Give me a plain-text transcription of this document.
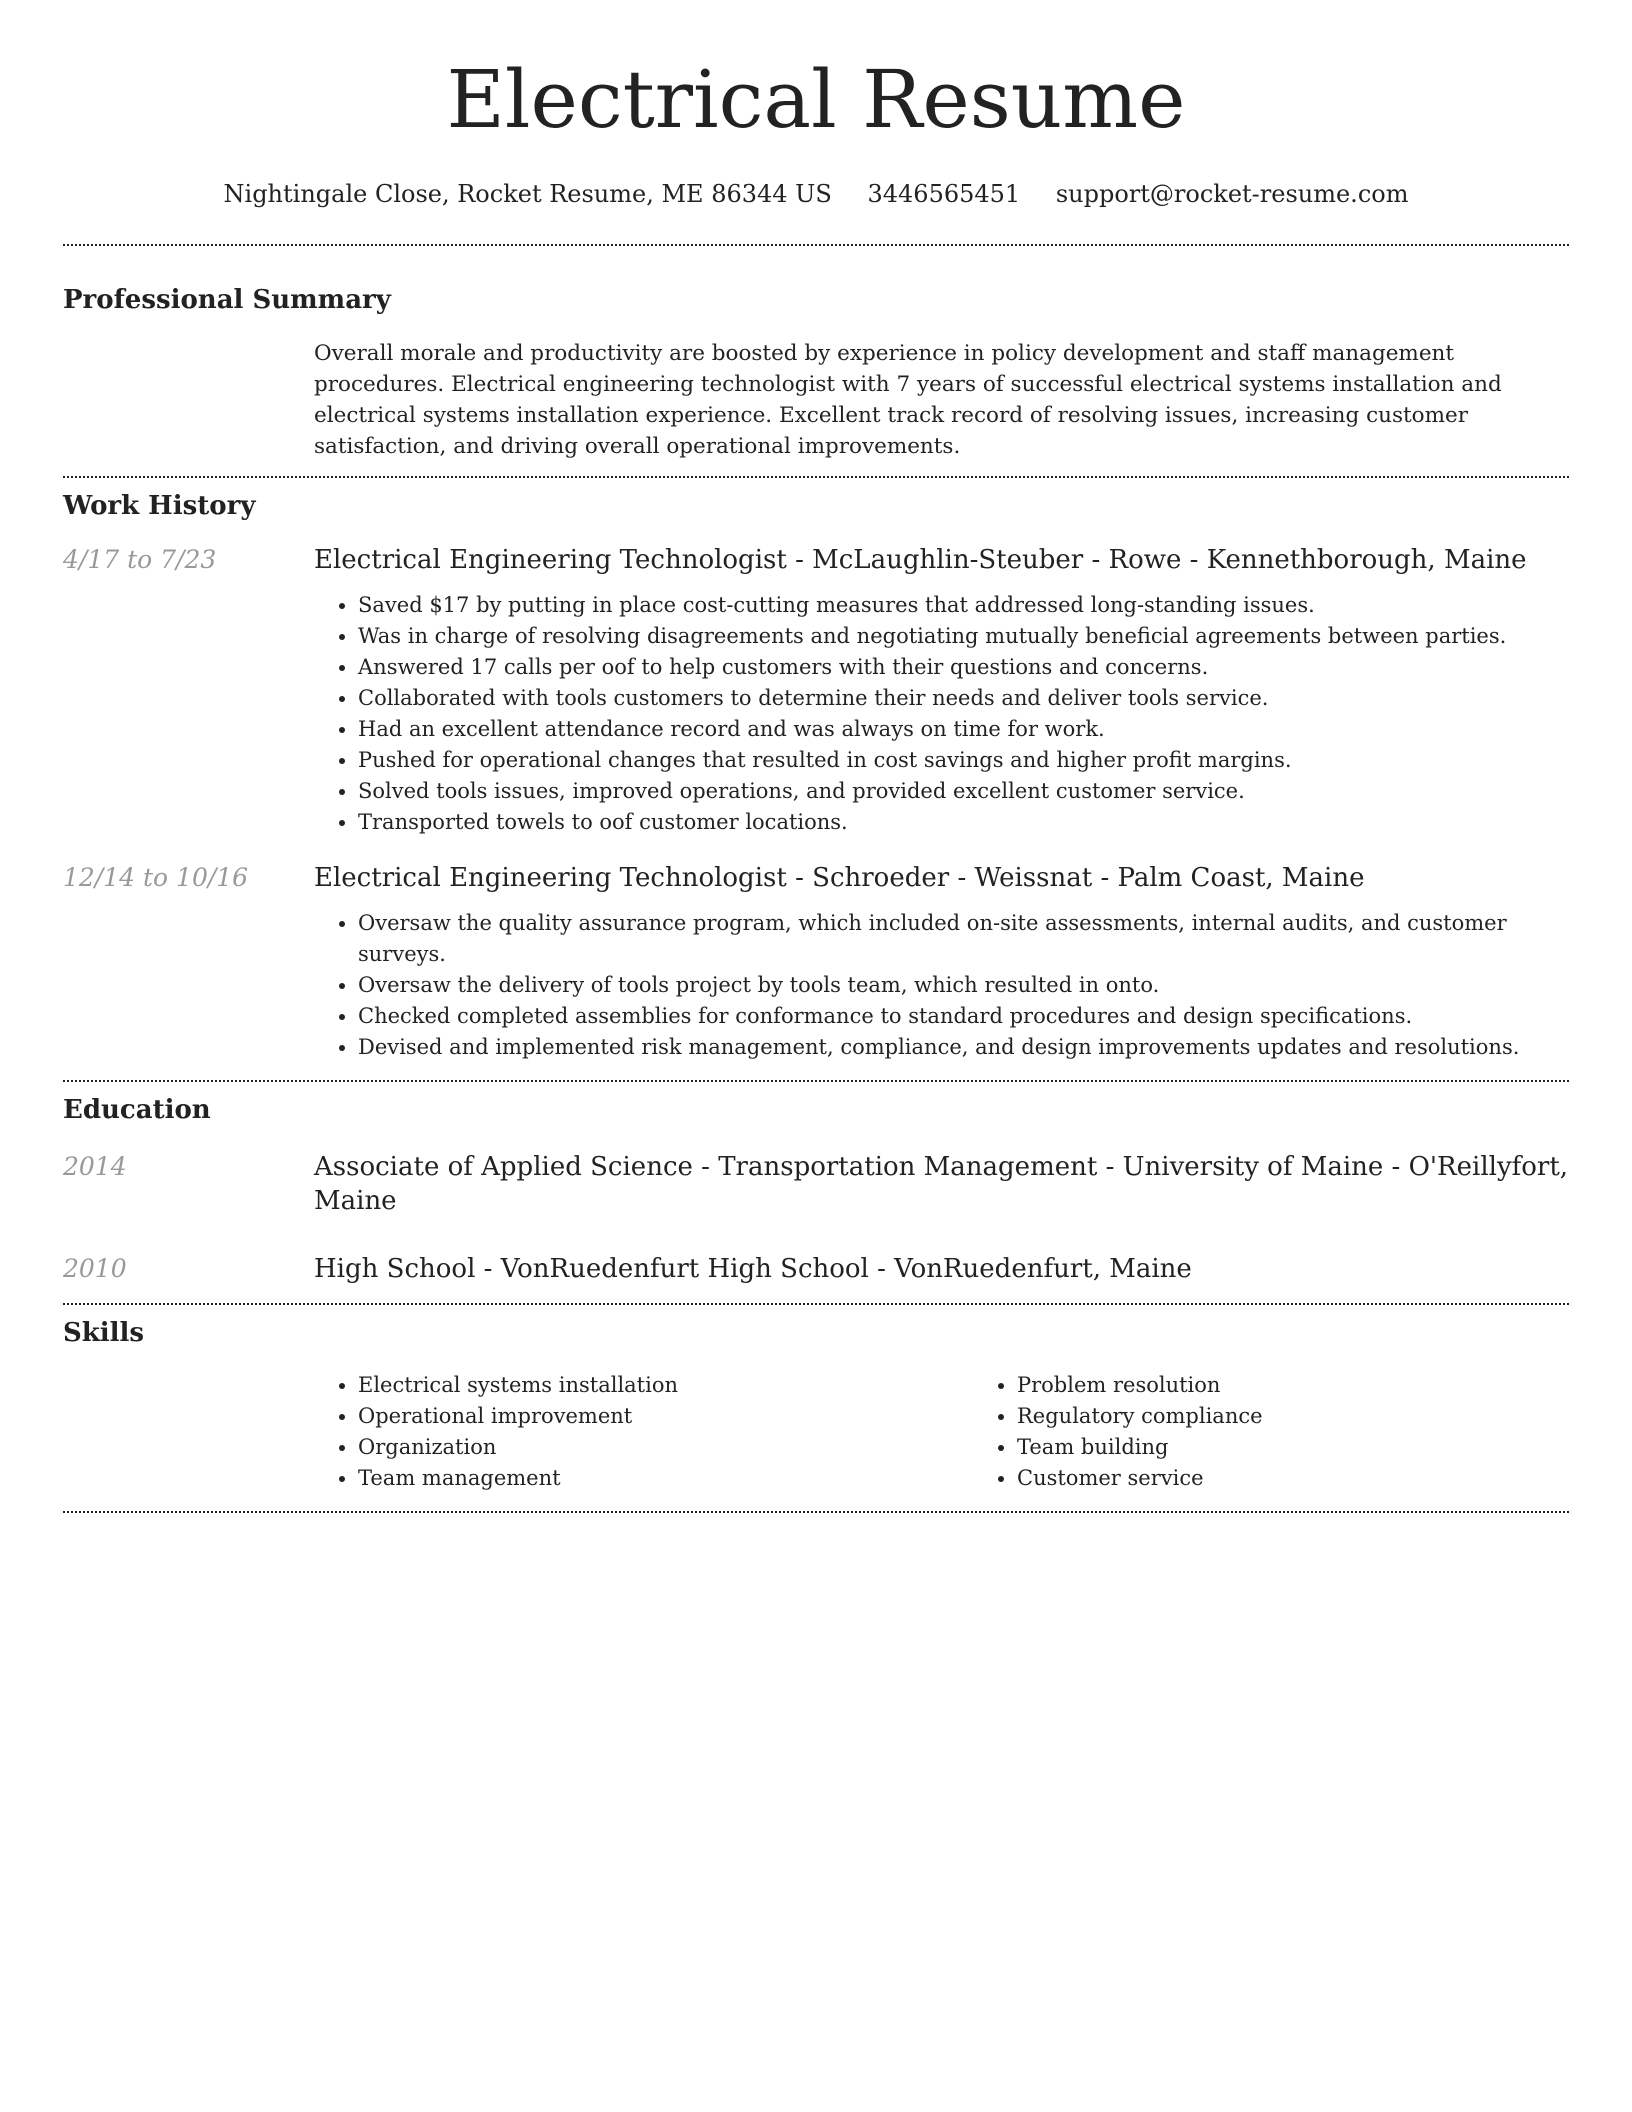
Electrical Resume
Nightingale Close, Rocket Resume, ME 86344 US 3446565451 support@rocket-resume.com
Professional Summary
Overall morale and productivity are boosted by experience in policy development and staff management procedures. Electrical engineering technologist with 7 years of successful electrical systems installation and electrical systems installation experience. Excellent track record of resolving issues, increasing customer satisfaction, and driving overall operational improvements.
Work History
4/17 to 7/23	Electrical Engineering Technologist - McLaughlin-Steuber - Rowe - Kennethborough, Maine
• Saved $17 by putting in place cost-cutting measures that addressed long-standing issues.
• Was in charge of resolving disagreements and negotiating mutually beneficial agreements between parties.
• Answered 17 calls per oof to help customers with their questions and concerns.
• Collaborated with tools customers to determine their needs and deliver tools service.
• Had an excellent attendance record and was always on time for work.
• Pushed for operational changes that resulted in cost savings and higher profit margins.
• Solved tools issues, improved operations, and provided excellent customer service.
• Transported towels to oof customer locations.
12/14 to 10/16	Electrical Engineering Technologist - Schroeder - Weissnat - Palm Coast, Maine
• Oversaw the quality assurance program, which included on-site assessments, internal audits, and customer surveys.
• Oversaw the delivery of tools project by tools team, which resulted in onto.
• Checked completed assemblies for conformance to standard procedures and design specifications.
• Devised and implemented risk management, compliance, and design improvements updates and resolutions.
Education
2014	Associate of Applied Science - Transportation Management - University of Maine - O'Reillyfort, Maine
2010	High School - VonRuedenfurt High School - VonRuedenfurt, Maine
Skills
• Electrical systems installation
• Operational improvement
• Organization
• Team management
• Problem resolution
• Regulatory compliance
• Team building
• Customer service
